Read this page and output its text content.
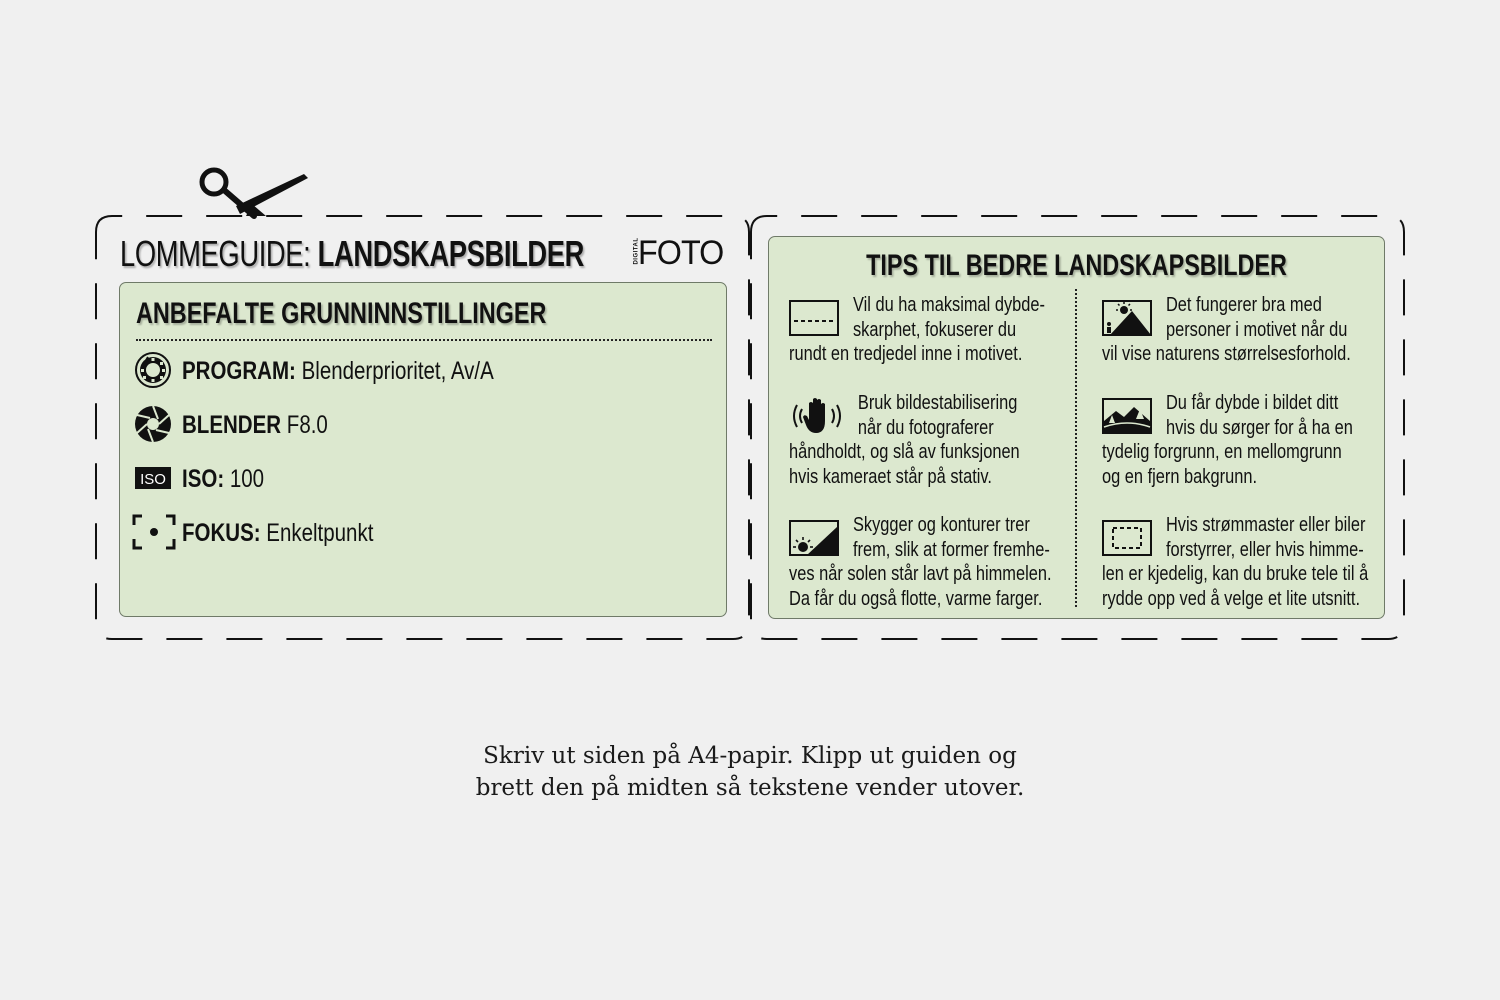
LOMMEGUIDE: LANDSKAPSBILDER	DIGITAL
FOTO
ANBEFALTE GRUNNINNSTILLINGER
PROGRAM: Blenderprioritet, Av/A
BLENDER F8.0
ISO ISO: 100
FOKUS: Enkeltpunkt
TIPS TIL BEDRE LANDSKAPSBILDER

Vil du ha maksimal dybde-
skarphet, fokuserer du
rundt en tredjedel inne i motivet.

Det fungerer bra med
personer i motivet når du
vil vise naturens størrelsesforhold.

Bruk bildestabilisering
når du fotograferer
håndholdt, og slå av funksjonen
hvis kameraet står på stativ.

Du får dybde i bildet ditt
hvis du sørger for å ha en
tydelig forgrunn, en mellomgrunn
og en fjern bakgrunn.

Skygger og konturer trer
frem, slik at former fremhe-
ves når solen står lavt på himmelen.
Da får du også flotte, varme farger.

Hvis strømmaster eller biler
forstyrrer, eller hvis himme-
len er kjedelig, kan du bruke tele til å
rydde opp ved å velge et lite utsnitt.

Skriv ut siden på A4-papir. Klipp ut guiden og
brett den på midten så tekstene vender utover.
